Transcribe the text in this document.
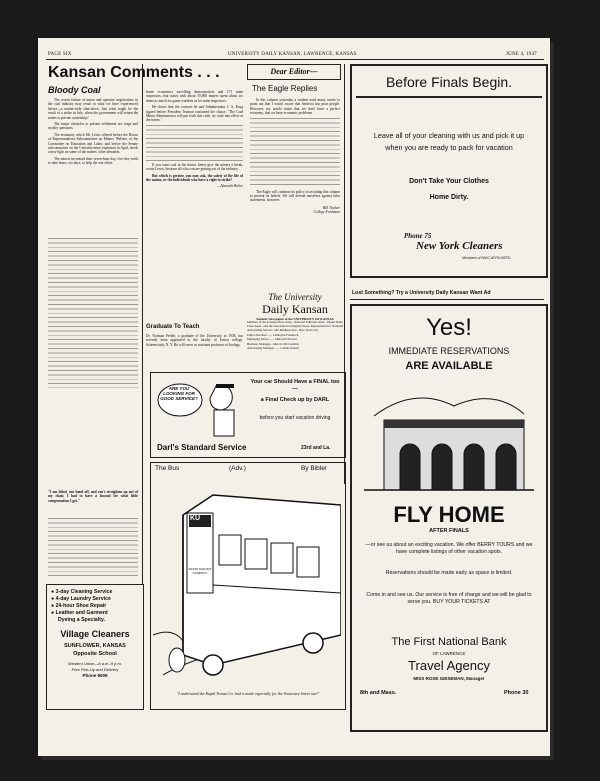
PAGE SIX	UNIVERSITY DAILY KANSAN, LAWRENCE, KANSAS	JUNE 4, 1947
Kansan Comments . . .
Bloody Coal
The recent failure of union and operator negotiations in the coal industry may result in what we have experienced before—a nation-wide shut-down. Just what might be the result of a strike in July, when the government will return the mines to private ownership?
The major obstacles to present settlement are wage and royalty questions.
The testimony which Mr. Lewis offered before the House of Representatives Subcommittee on Miners' Welfare, of the Committee on Education and Labor, and before the Senate subcommittee on the Centralia mine explosion in April, sheds a new light on some of the miners' other demands.
The miners increased their seven-hour day, five-day week to nine hours, six days, to help the war effort.
"I am blind, one hand off, and can't straighten up out of my chair, I had to have a lawsuit for what little compensation I get."
home economics travelling demonstrators and 171 mine inspectors; that states with about 50,000 miners spent about six times as much for game wardens as for mine inspectors.
He shows that the contract he and Administrator J. A. Krug signed before President Truman contained the clause, "The Coal Mines Administrator will put forth this code, try code into effect at the mines."
If you want coal in the future, better give the miners a break, wrote Lewis, because all who can are getting out of the industry.
But which is greater, you may ask, the safety of the life of the nation, or the individuals who have a right to strike?
—Alameda Bolter
Graduate To Teach
Dr. Norman Preble, a graduate of the University in 1938, has recently been appointed to the faculty of Union college, Schenectady, N. Y. He will serve as assistant professor of biology.
Dear Editor—
The Eagle Replies
In this column yesterday a student used many words to point out that I wasn't aware that America has poor people. However, my article states that we don't have a perfect economy, that we have economic problems.
The Eagle will continue its policy of avoiding this column to present its beliefs. We will defend ourselves against false statements, however.
Bill Tincher
College Freshman
The University
Daily Kansan
Student Newspaper of the UNIVERSITY OF KANSAS
Member of the Kansas Press Assn., National Editorial Assn., Inland Daily Press Assn., and the Associated Collegiate Press. Represented for National Advertising Service, 420 Madison Ave., New York City.
Editor-in-Chief ...... LeMoyne Frederick
Managing Editor ...... Malcolm Stewart
Business Manager.. John D. McCormick
Advertising Manager ...... Calvin Arnold
ARE YOU LOOKING FOR GOOD SERVICE?
Your car Should Have a FINAL too—
a Final Check up by DARL
before you start vacation driving
Darl's Standard Service	23rd and La.
The Bus	(Adv.)	By Bibler
KU
RAPID TRANSIT COMPANY
"I understand the Rapid Transit Co. had it made especially for the Tennessee Street run!"
● 3-day Cleaning Service
● 4-day Laundry Service
● 24-hour Shoe Repair
● Leather and Garment
Dyeing a Specialty.
Village Cleaners
SUNFLOWER, KANSAS
Opposite School
Western Union—8 a.m.-9 p.m.
Free Pick-Up and Delivery
Phone 9009
Before Finals Begin.
Leave all of your cleaning with us and pick it up when you are ready to pack for vacation
Don't Take Your Clothes
Home Dirty.
Phone 75
New York Cleaners
Members of NIDC AFFILIATED
Lost Something? Try a University Daily Kansan Want Ad
Yes!
IMMEDIATE RESERVATIONS
ARE AVAILABLE
FLY HOME
AFTER FINALS
—or see us about an exciting vacation. We offer BERRY TOURS and we have complete listings of other vacation spots.
Reservations should be made early as space is limited.
Come in and see us. Our service is free of charge and we will be glad to serve you. BUY YOUR TICKETS AT
The First National Bank
OF LAWRENCE
Travel Agency
MISS ROSE GIESEMAN, Manager
8th and Mass.	Phone 30
